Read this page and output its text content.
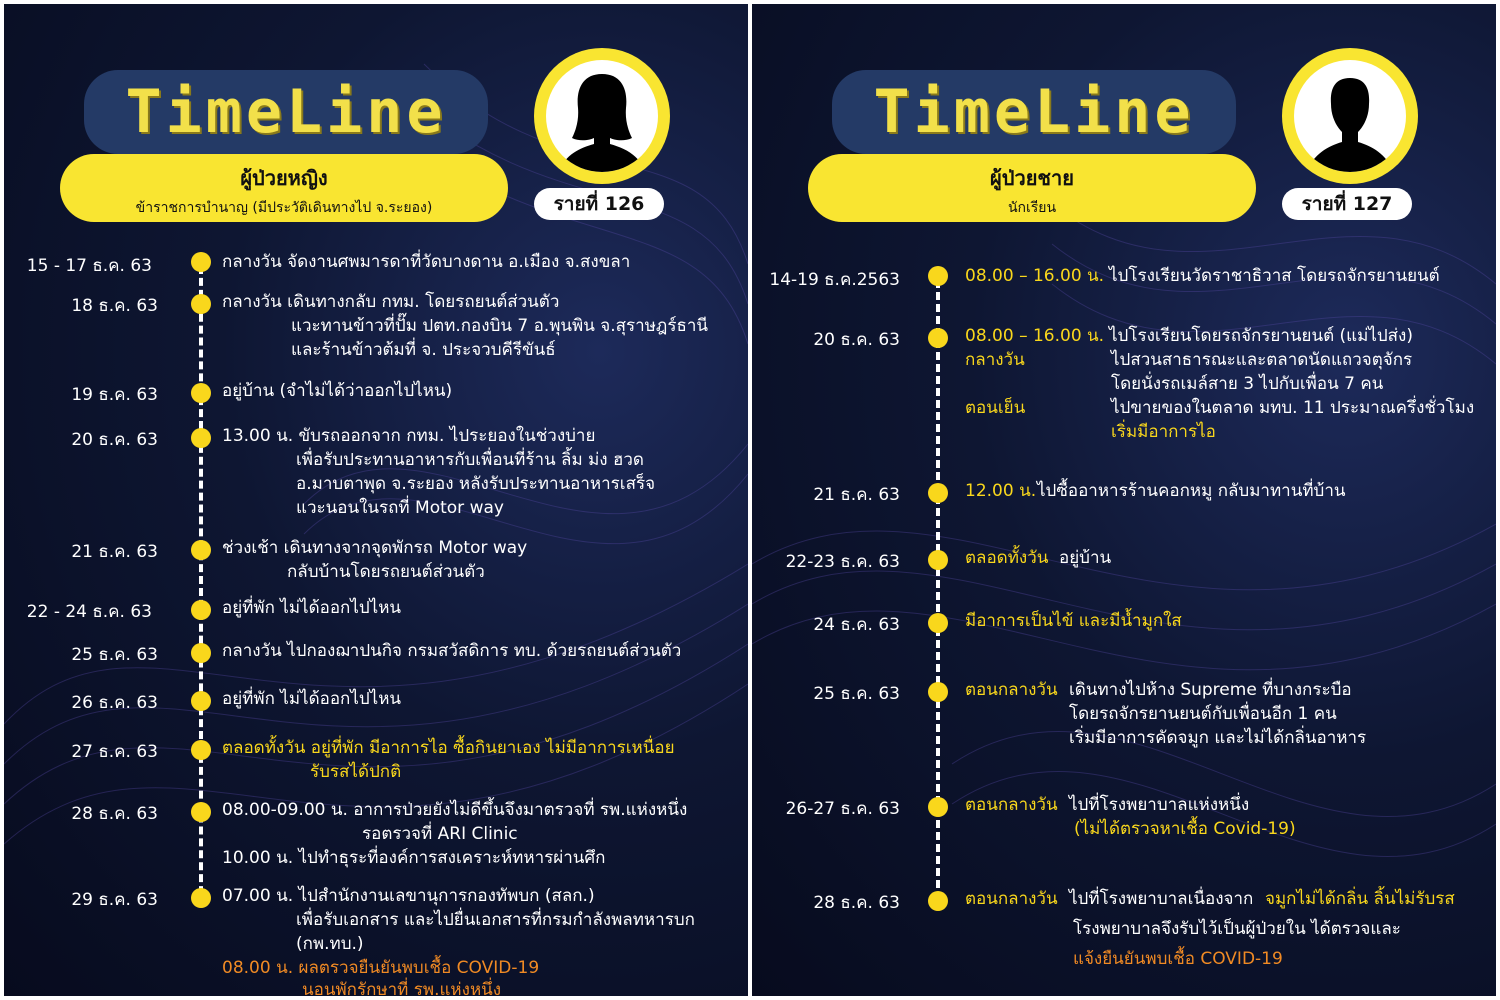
TimeLine
ผู้ป่วยหญิง
ข้าราชการบำนาญ (มีประวัติเดินทางไป จ.ระยอง)	รายที่ 126
15 - 17 ธ.ค. 63	กลางวัน จัดงานศพมารดาที่วัดบางดาน อ.เมือง จ.สงขลา
18 ธ.ค. 63	กลางวัน เดินทางกลับ กทม. โดยรถยนต์ส่วนตัว
แวะทานข้าวที่ปั๊ม ปตท.กองบิน 7 อ.พุนพิน จ.สุราษฎร์ธานี
และร้านข้าวต้มที่ จ. ประจวบคีรีขันธ์
19 ธ.ค. 63	อยู่บ้าน (จำไม่ได้ว่าออกไปไหน)
20 ธ.ค. 63	13.00 น. ขับรถออกจาก กทม. ไประยองในช่วงบ่าย
เพื่อรับประทานอาหารกับเพื่อนที่ร้าน ลิ้ม ม่ง ฮวด
อ.มาบตาพุด จ.ระยอง หลังรับประทานอาหารเสร็จ
แวะนอนในรถที่ Motor way
21 ธ.ค. 63	ช่วงเช้า เดินทางจากจุดพักรถ Motor way
กลับบ้านโดยรถยนต์ส่วนตัว
22 - 24 ธ.ค. 63	อยู่ที่พัก ไม่ได้ออกไปไหน
25 ธ.ค. 63	กลางวัน ไปกองฌาปนกิจ กรมสวัสดิการ ทบ. ด้วยรถยนต์ส่วนตัว
26 ธ.ค. 63	อยู่ที่พัก ไม่ได้ออกไปไหน
27 ธ.ค. 63	ตลอดทั้งวัน อยู่ที่พัก มีอาการไอ ซื้อกินยาเอง ไม่มีอาการเหนื่อย
รับรสได้ปกติ
28 ธ.ค. 63	08.00-09.00 น. อาการป่วยยังไม่ดีขึ้นจึงมาตรวจที่ รพ.แห่งหนึ่ง
รอตรวจที่ ARI Clinic
10.00 น. ไปทำธุระที่องค์การสงเคราะห์ทหารผ่านศึก
29 ธ.ค. 63	07.00 น. ไปสำนักงานเลขานุการกองทัพบก (สลก.)
เพื่อรับเอกสาร และไปยื่นเอกสารที่กรมกำลังพลทหารบก
(กพ.ทบ.)
08.00 น. ผลตรวจยืนยันพบเชื้อ COVID-19
นอนพักรักษาที่ รพ.แห่งหนึ่ง
TimeLine
ผู้ป่วยชาย
นักเรียน	รายที่ 127
14-19 ธ.ค.2563	08.00 – 16.00 น. ไปโรงเรียนวัดราชาธิวาส โดยรถจักรยานยนต์
20 ธ.ค. 63	08.00 – 16.00 น. ไปโรงเรียนโดยรถจักรยานยนต์ (แม่ไปส่ง)
กลางวัน	ไปสวนสาธารณะและตลาดนัดแถวจตุจักร
โดยนั่งรถเมล์สาย 3 ไปกับเพื่อน 7 คน
ตอนเย็น	ไปขายของในตลาด มทบ. 11 ประมาณครึ่งชั่วโมง
เริ่มมีอาการไอ
21 ธ.ค. 63	12.00 น. ไปซื้ออาหารร้านคอกหมู กลับมาทานที่บ้าน
22-23 ธ.ค. 63	ตลอดทั้งวัน อยู่บ้าน
24 ธ.ค. 63	มีอาการเป็นไข้ และมีน้ำมูกใส
25 ธ.ค. 63	ตอนกลางวัน เดินทางไปห้าง Supreme ที่บางกระบือ
โดยรถจักรยานยนต์กับเพื่อนอีก 1 คน
เริ่มมีอาการคัดจมูก และไม่ได้กลิ่นอาหาร
26-27 ธ.ค. 63	ตอนกลางวัน ไปที่โรงพยาบาลแห่งหนึ่ง
(ไม่ได้ตรวจหาเชื้อ Covid-19)
28 ธ.ค. 63	ตอนกลางวัน ไปที่โรงพยาบาลเนื่องจาก จมูกไม่ได้กลิ่น ลิ้นไม่รับรส
โรงพยาบาลจึงรับไว้เป็นผู้ป่วยใน ได้ตรวจและ
แจ้งยืนยันพบเชื้อ COVID-19
